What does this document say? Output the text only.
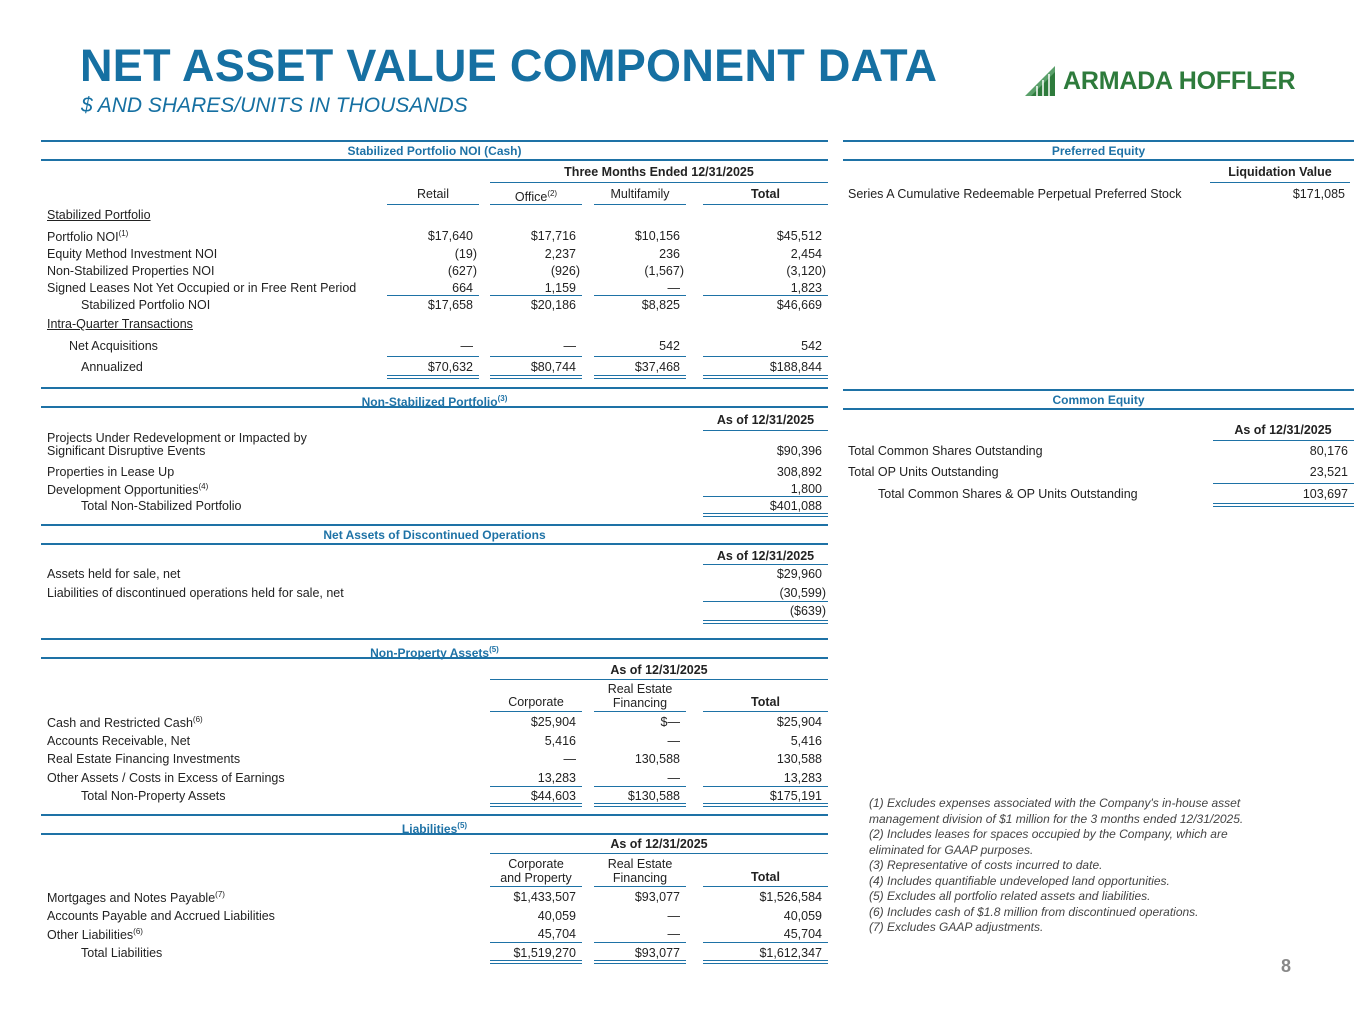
NET ASSET VALUE COMPONENT DATA

$ AND SHARES/UNITS IN THOUSANDS

ARMADA HOFFLER
Stabilized Portfolio NOI (Cash)
Three Months Ended 12/31/2025
Retail	Office$^{(2)}$	Multifamily	Total
Stabilized Portfolio
Portfolio NOI$^{(1)}$	$17,640	$17,716	$10,156	$45,512
Equity Method Investment NOI	(19)	2,237	236	2,454
Non-Stabilized Properties NOI	(627)	(926)	(1,567)	(3,120)
Signed Leases Not Yet Occupied or in Free Rent Period	664	1,159	—	1,823
Stabilized Portfolio NOI	$17,658	$20,186	$8,825	$46,669
Intra-Quarter Transactions
Net Acquisitions	—	—	542	542
Annualized	$70,632	$80,744	$37,468	$188,844
Non-Stabilized Portfolio$^{(3)}$
As of 12/31/2025
Projects Under Redevelopment or Impacted by
Significant Disruptive Events	$90,396
Properties in Lease Up	308,892
Development Opportunities$^{(4)}$	1,800
Total Non-Stabilized Portfolio	$401,088
Net Assets of Discontinued Operations
As of 12/31/2025
Assets held for sale, net	$29,960
Liabilities of discontinued operations held for sale, net	(30,599)
($639)
Non-Property Assets$^{(5)}$
As of 12/31/2025
Corporate
Real Estate
Financing	Total
Cash and Restricted Cash$^{(6)}$	$25,904	$—	$25,904
Accounts Receivable, Net	5,416	—	5,416
Real Estate Financing Investments	—	130,588	130,588
Other Assets / Costs in Excess of Earnings	13,283	—	13,283
Total Non-Property Assets	$44,603	$130,588	$175,191
Liabilities$^{(5)}$
As of 12/31/2025
Corporate
and Property
Real Estate
Financing	Total
Mortgages and Notes Payable$^{(7)}$	$1,433,507	$93,077	$1,526,584
Accounts Payable and Accrued Liabilities	40,059	—	40,059
Other Liabilities$^{(6)}$	45,704	—	45,704
Total Liabilities	$1,519,270	$93,077	$1,612,347
Preferred Equity
Liquidation Value
Series A Cumulative Redeemable Perpetual Preferred Stock	$171,085
Common Equity
As of 12/31/2025
Total Common Shares Outstanding	80,176
Total OP Units Outstanding	23,521
Total Common Shares & OP Units Outstanding	103,697
(1) Excludes expenses associated with the Company's in-house asset
management division of $1 million for the 3 months ended 12/31/2025.
(2) Includes leases for spaces occupied by the Company, which are
eliminated for GAAP purposes.
(3) Representative of costs incurred to date.
(4) Includes quantifiable undeveloped land opportunities.
(5) Excludes all portfolio related assets and liabilities.
(6) Includes cash of $1.8 million from discontinued operations.
(7) Excludes GAAP adjustments.
8
